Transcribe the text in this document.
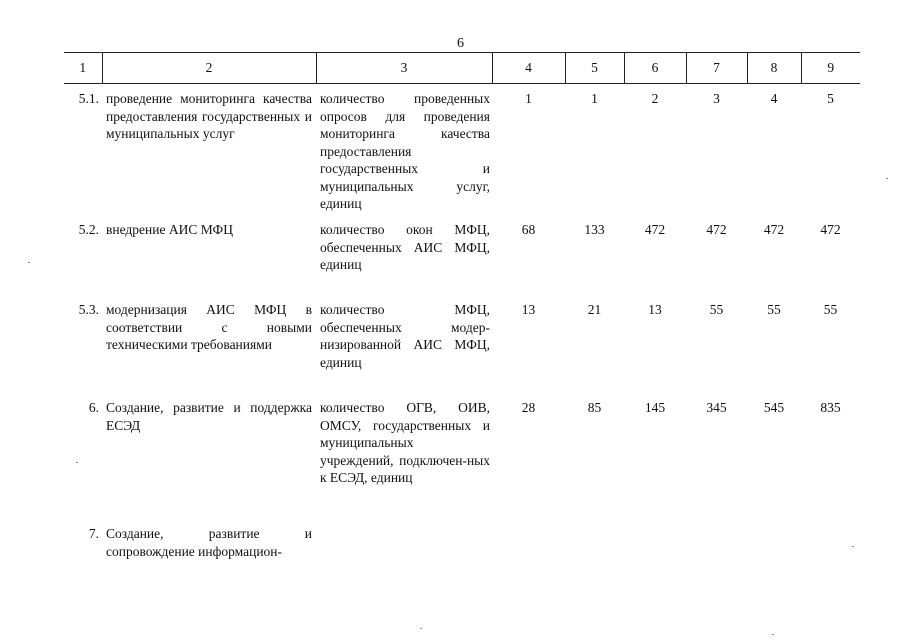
6
1	2	3	4	5	6	7	8	9
5.1.	проведение мониторинга качества предоставления государственных и муниципальных услуг	количество проведенных опросов для проведения мониторинга качества предоставления государственных и муниципальных услуг, единиц	1	1	2	3	4	5
5.2.	внедрение АИС МФЦ	количество окон МФЦ, обеспеченных АИС МФЦ, единиц	68	133	472	472	472	472
5.3.	модернизация АИС МФЦ в соответствии с новыми техническими требованиями	количество МФЦ, обеспеченных модер-низированной АИС МФЦ, единиц	13	21	13	55	55	55
6.	Создание, развитие и поддержка ЕСЭД	количество ОГВ, ОИВ, ОМСУ, государственных и муниципальных учреждений, подключен-ных к ЕСЭД, единиц	28	85	145	345	545	835
7.	Создание, развитие и сопровождение информацион-							
